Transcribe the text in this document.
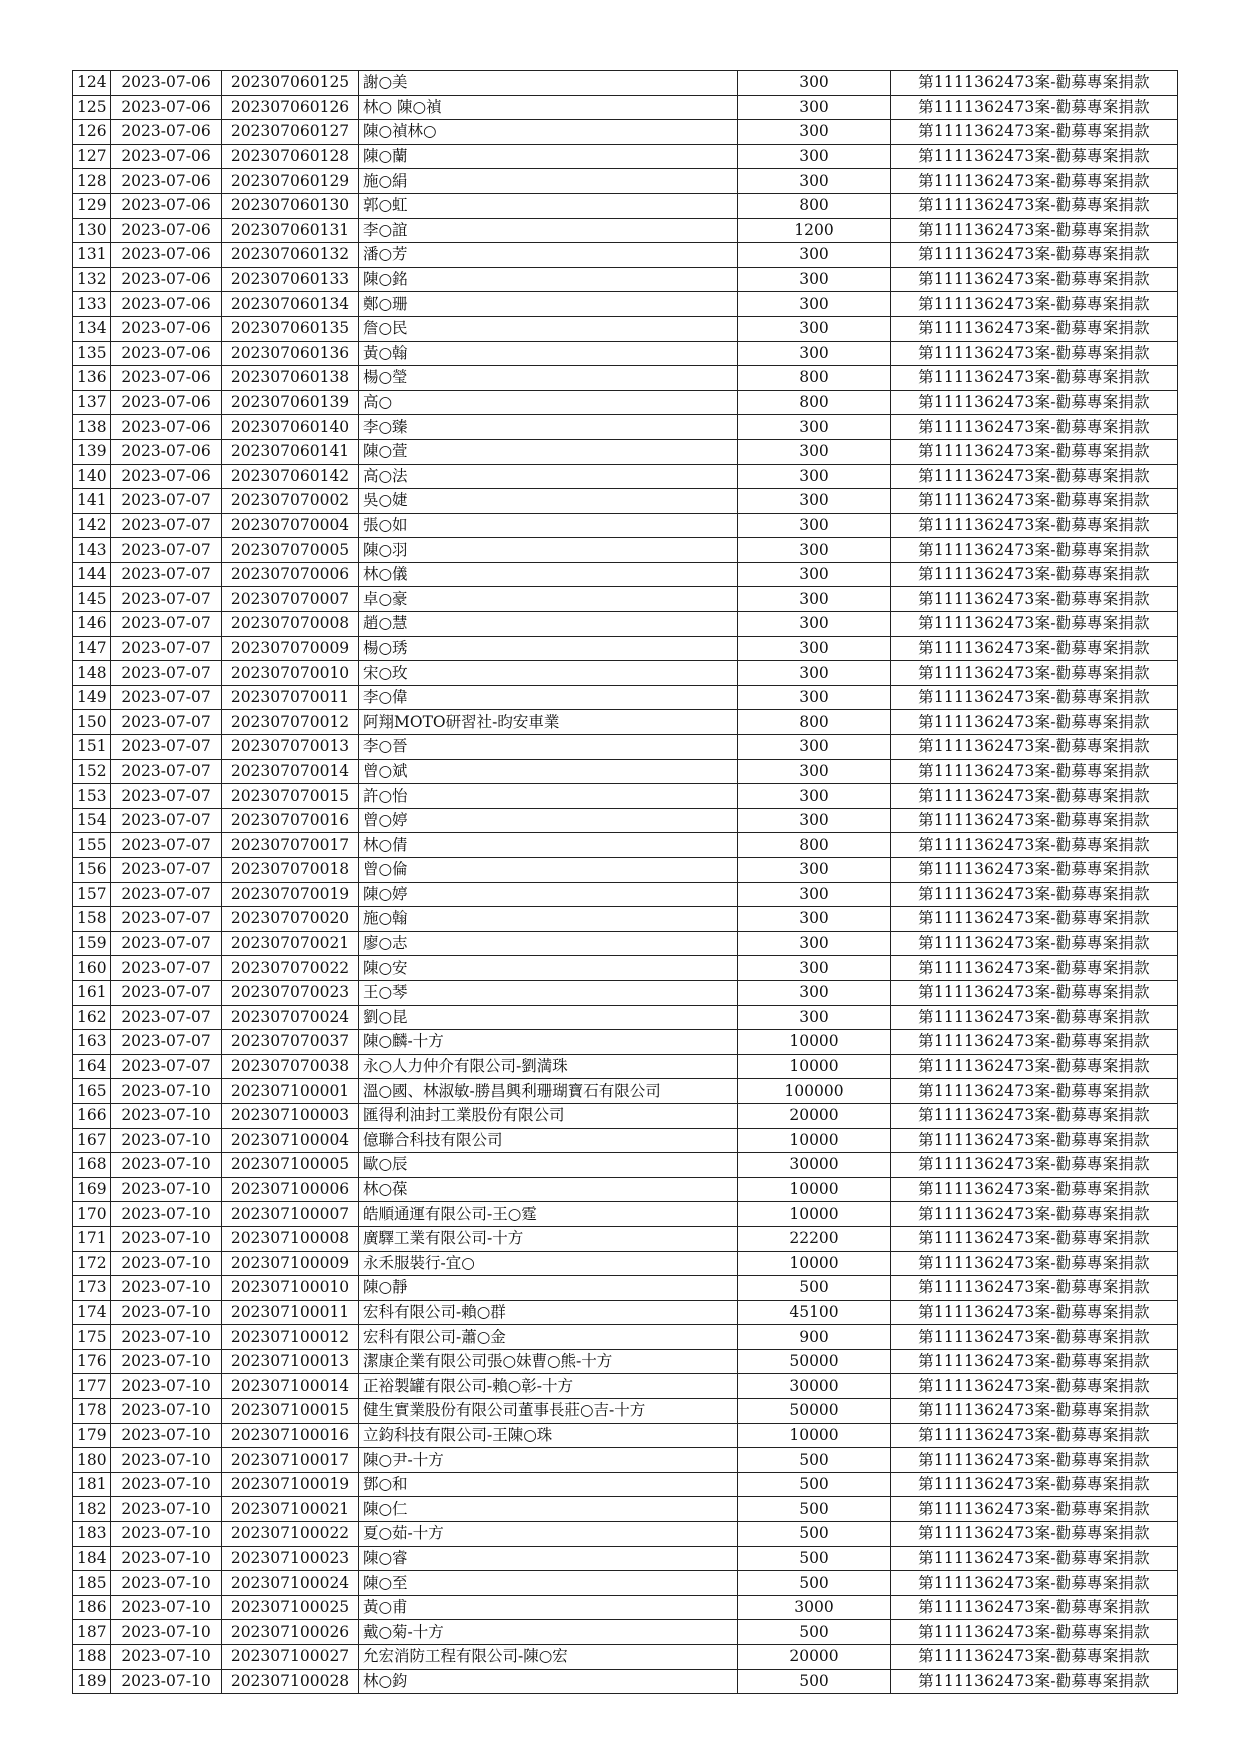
124	2023-07-06	202307060125	謝○美	300	第1111362473案-勸募專案捐款
125	2023-07-06	202307060126	林○ 陳○禎	300	第1111362473案-勸募專案捐款
126	2023-07-06	202307060127	陳○禎林○	300	第1111362473案-勸募專案捐款
127	2023-07-06	202307060128	陳○蘭	300	第1111362473案-勸募專案捐款
128	2023-07-06	202307060129	施○絹	300	第1111362473案-勸募專案捐款
129	2023-07-06	202307060130	郭○虹	800	第1111362473案-勸募專案捐款
130	2023-07-06	202307060131	李○誼	1200	第1111362473案-勸募專案捐款
131	2023-07-06	202307060132	潘○芳	300	第1111362473案-勸募專案捐款
132	2023-07-06	202307060133	陳○銘	300	第1111362473案-勸募專案捐款
133	2023-07-06	202307060134	鄭○珊	300	第1111362473案-勸募專案捐款
134	2023-07-06	202307060135	詹○民	300	第1111362473案-勸募專案捐款
135	2023-07-06	202307060136	黃○翰	300	第1111362473案-勸募專案捐款
136	2023-07-06	202307060138	楊○瑩	800	第1111362473案-勸募專案捐款
137	2023-07-06	202307060139	高○	800	第1111362473案-勸募專案捐款
138	2023-07-06	202307060140	李○臻	300	第1111362473案-勸募專案捐款
139	2023-07-06	202307060141	陳○萱	300	第1111362473案-勸募專案捐款
140	2023-07-06	202307060142	高○法	300	第1111362473案-勸募專案捐款
141	2023-07-07	202307070002	吳○婕	300	第1111362473案-勸募專案捐款
142	2023-07-07	202307070004	張○如	300	第1111362473案-勸募專案捐款
143	2023-07-07	202307070005	陳○羽	300	第1111362473案-勸募專案捐款
144	2023-07-07	202307070006	林○儀	300	第1111362473案-勸募專案捐款
145	2023-07-07	202307070007	卓○豪	300	第1111362473案-勸募專案捐款
146	2023-07-07	202307070008	趙○慧	300	第1111362473案-勸募專案捐款
147	2023-07-07	202307070009	楊○琇	300	第1111362473案-勸募專案捐款
148	2023-07-07	202307070010	宋○玫	300	第1111362473案-勸募專案捐款
149	2023-07-07	202307070011	李○偉	300	第1111362473案-勸募專案捐款
150	2023-07-07	202307070012	阿翔MOTO研習社-昀安車業	800	第1111362473案-勸募專案捐款
151	2023-07-07	202307070013	李○晉	300	第1111362473案-勸募專案捐款
152	2023-07-07	202307070014	曾○斌	300	第1111362473案-勸募專案捐款
153	2023-07-07	202307070015	許○怡	300	第1111362473案-勸募專案捐款
154	2023-07-07	202307070016	曾○婷	300	第1111362473案-勸募專案捐款
155	2023-07-07	202307070017	林○倩	800	第1111362473案-勸募專案捐款
156	2023-07-07	202307070018	曾○倫	300	第1111362473案-勸募專案捐款
157	2023-07-07	202307070019	陳○婷	300	第1111362473案-勸募專案捐款
158	2023-07-07	202307070020	施○翰	300	第1111362473案-勸募專案捐款
159	2023-07-07	202307070021	廖○志	300	第1111362473案-勸募專案捐款
160	2023-07-07	202307070022	陳○安	300	第1111362473案-勸募專案捐款
161	2023-07-07	202307070023	王○琴	300	第1111362473案-勸募專案捐款
162	2023-07-07	202307070024	劉○昆	300	第1111362473案-勸募專案捐款
163	2023-07-07	202307070037	陳○麟-十方	10000	第1111362473案-勸募專案捐款
164	2023-07-07	202307070038	永○人力仲介有限公司-劉満珠	10000	第1111362473案-勸募專案捐款
165	2023-07-10	202307100001	溫○國、林淑敏-勝昌興利珊瑚寶石有限公司	100000	第1111362473案-勸募專案捐款
166	2023-07-10	202307100003	匯得利油封工業股份有限公司	20000	第1111362473案-勸募專案捐款
167	2023-07-10	202307100004	億聯合科技有限公司	10000	第1111362473案-勸募專案捐款
168	2023-07-10	202307100005	歐○辰	30000	第1111362473案-勸募專案捐款
169	2023-07-10	202307100006	林○葆	10000	第1111362473案-勸募專案捐款
170	2023-07-10	202307100007	皓順通運有限公司-王○霆	10000	第1111362473案-勸募專案捐款
171	2023-07-10	202307100008	廣驛工業有限公司-十方	22200	第1111362473案-勸募專案捐款
172	2023-07-10	202307100009	永禾服裝行-宜○	10000	第1111362473案-勸募專案捐款
173	2023-07-10	202307100010	陳○靜	500	第1111362473案-勸募專案捐款
174	2023-07-10	202307100011	宏科有限公司-賴○群	45100	第1111362473案-勸募專案捐款
175	2023-07-10	202307100012	宏科有限公司-蕭○金	900	第1111362473案-勸募專案捐款
176	2023-07-10	202307100013	潔康企業有限公司張○妹曹○熊-十方	50000	第1111362473案-勸募專案捐款
177	2023-07-10	202307100014	正裕製罐有限公司-賴○彰-十方	30000	第1111362473案-勸募專案捐款
178	2023-07-10	202307100015	健生實業股份有限公司董事長莊○吉-十方	50000	第1111362473案-勸募專案捐款
179	2023-07-10	202307100016	立鈞科技有限公司-王陳○珠	10000	第1111362473案-勸募專案捐款
180	2023-07-10	202307100017	陳○尹-十方	500	第1111362473案-勸募專案捐款
181	2023-07-10	202307100019	鄧○和	500	第1111362473案-勸募專案捐款
182	2023-07-10	202307100021	陳○仁	500	第1111362473案-勸募專案捐款
183	2023-07-10	202307100022	夏○茹-十方	500	第1111362473案-勸募專案捐款
184	2023-07-10	202307100023	陳○睿	500	第1111362473案-勸募專案捐款
185	2023-07-10	202307100024	陳○至	500	第1111362473案-勸募專案捐款
186	2023-07-10	202307100025	黃○甫	3000	第1111362473案-勸募專案捐款
187	2023-07-10	202307100026	戴○菊-十方	500	第1111362473案-勸募專案捐款
188	2023-07-10	202307100027	允宏消防工程有限公司-陳○宏	20000	第1111362473案-勸募專案捐款
189	2023-07-10	202307100028	林○鈞	500	第1111362473案-勸募專案捐款
